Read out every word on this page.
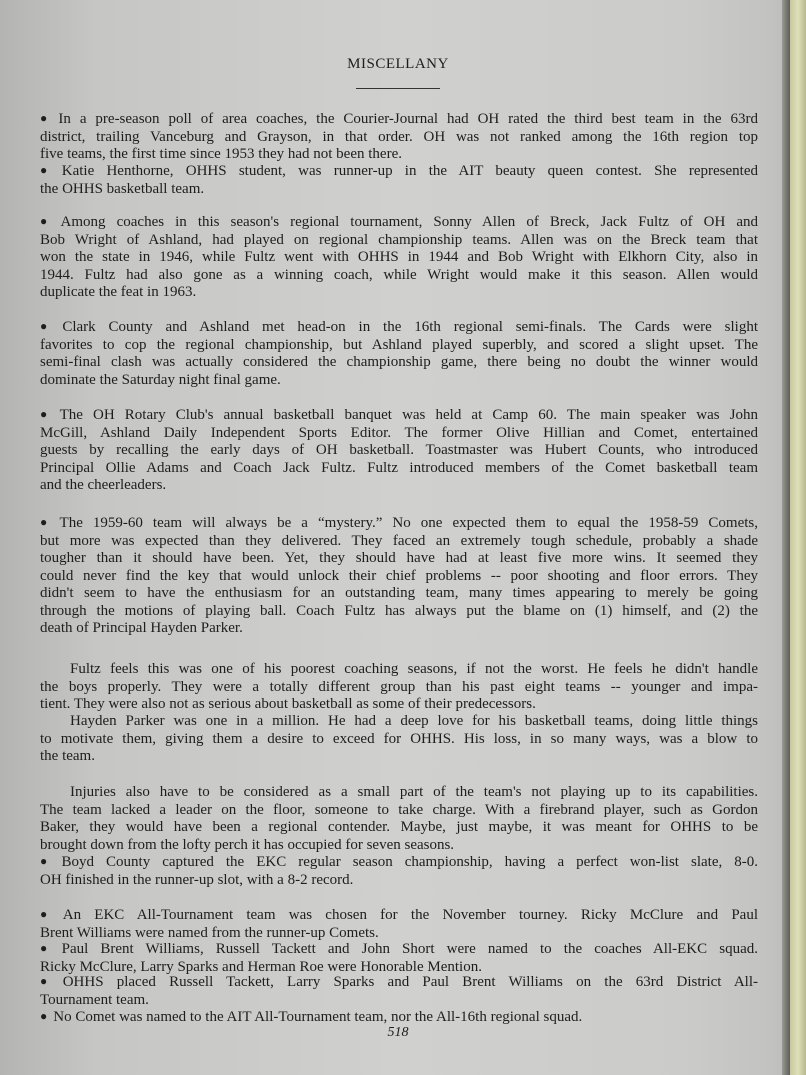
MISCELLANY
● In a pre-season poll of area coaches, the Courier-Journal had OH rated the third best team in the 63rd
district, trailing Vanceburg and Grayson, in that order. OH was not ranked among the 16th region top
five teams, the first time since 1953 they had not been there.
● Katie Henthorne, OHHS student, was runner-up in the AIT beauty queen contest. She represented
the OHHS basketball team.
● Among coaches in this season's regional tournament, Sonny Allen of Breck, Jack Fultz of OH and
Bob Wright of Ashland, had played on regional championship teams. Allen was on the Breck team that
won the state in 1946, while Fultz went with OHHS in 1944 and Bob Wright with Elkhorn City, also in
1944. Fultz had also gone as a winning coach, while Wright would make it this season. Allen would
duplicate the feat in 1963.
● Clark County and Ashland met head-on in the 16th regional semi-finals. The Cards were slight
favorites to cop the regional championship, but Ashland played superbly, and scored a slight upset. The
semi-final clash was actually considered the championship game, there being no doubt the winner would
dominate the Saturday night final game.
● The OH Rotary Club's annual basketball banquet was held at Camp 60. The main speaker was John
McGill, Ashland Daily Independent Sports Editor. The former Olive Hillian and Comet, entertained
guests by recalling the early days of OH basketball. Toastmaster was Hubert Counts, who introduced
Principal Ollie Adams and Coach Jack Fultz. Fultz introduced members of the Comet basketball team
and the cheerleaders.
● The 1959-60 team will always be a “mystery.” No one expected them to equal the 1958-59 Comets,
but more was expected than they delivered. They faced an extremely tough schedule, probably a shade
tougher than it should have been. Yet, they should have had at least five more wins. It seemed they
could never find the key that would unlock their chief problems -- poor shooting and floor errors. They
didn't seem to have the enthusiasm for an outstanding team, many times appearing to merely be going
through the motions of playing ball. Coach Fultz has always put the blame on (1) himself, and (2) the
death of Principal Hayden Parker.
Fultz feels this was one of his poorest coaching seasons, if not the worst. He feels he didn't handle
the boys properly. They were a totally different group than his past eight teams -- younger and impa-
tient. They were also not as serious about basketball as some of their predecessors.
Hayden Parker was one in a million. He had a deep love for his basketball teams, doing little things
to motivate them, giving them a desire to exceed for OHHS. His loss, in so many ways, was a blow to
the team.
Injuries also have to be considered as a small part of the team's not playing up to its capabilities.
The team lacked a leader on the floor, someone to take charge. With a firebrand player, such as Gordon
Baker, they would have been a regional contender. Maybe, just maybe, it was meant for OHHS to be
brought down from the lofty perch it has occupied for seven seasons.
● Boyd County captured the EKC regular season championship, having a perfect won-list slate, 8-0.
OH finished in the runner-up slot, with a 8-2 record.
● An EKC All-Tournament team was chosen for the November tourney. Ricky McClure and Paul
Brent Williams were named from the runner-up Comets.
● Paul Brent Williams, Russell Tackett and John Short were named to the coaches All-EKC squad.
Ricky McClure, Larry Sparks and Herman Roe were Honorable Mention.
● OHHS placed Russell Tackett, Larry Sparks and Paul Brent Williams on the 63rd District All-
Tournament team.
● No Comet was named to the AIT All-Tournament team, nor the All-16th regional squad.
518
